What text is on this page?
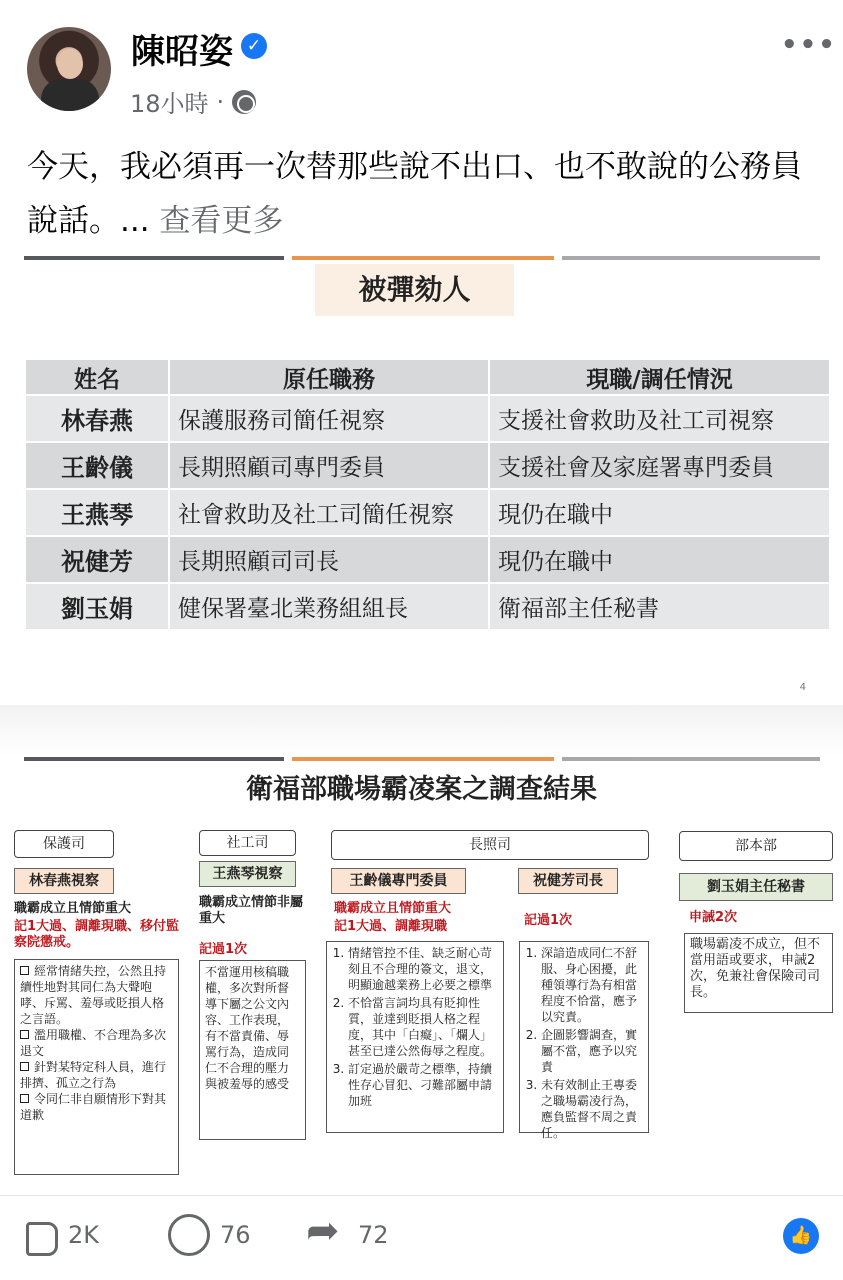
陳昭姿 ✓
18小時 ·
•••
今天，我必須再一次替那些說不出口、也不敢說的公務員說話。... 查看更多
被彈劾人
姓名	原任職務	現職/調任情況
林春燕	保護服務司簡任視察	支援社會救助及社工司視察
王齡儀	長期照顧司專門委員	支援社會及家庭署專門委員
王燕琴	社會救助及社工司簡任視察	現仍在職中
祝健芳	長期照顧司司長	現仍在職中
劉玉娟	健保署臺北業務組組長	衛福部主任秘書
4
衛福部職場霸凌案之調查結果
保護司	社工司	長照司	部本部
林春燕視察	王燕琴視察	王齡儀專門委員	祝健芳司長	劉玉娟主任秘書
職霸成立且情節重大
記1大過、調離現職、移付監察院懲戒。
經常情緒失控，公然且持續性地對其同仁為大聲咆哮、斥罵、羞辱或貶損人格之言語。
濫用職權、不合理為多次退文
針對某特定科人員，進行排擠、孤立之行為
令同仁非自願情形下對其道歉
職霸成立情節非屬重大
記過1次
不當運用核稿職權，多次對所督導下屬之公文內容、工作表現，有不當責備、辱罵行為，造成同仁不合理的壓力與被羞辱的感受
職霸成立且情節重大
記1大過、調離現職
1. 情緒管控不佳、缺乏耐心苛刻且不合理的簽文，退文，明顯逾越業務上必要之標準
2. 不恰當言詞均具有貶抑性質，並達到貶損人格之程度，其中「白癡」、「爛人」甚至已達公然侮辱之程度。
3. 訂定過於嚴苛之標準，持續性存心冒犯、刁難部屬申請加班
記過1次
1. 深諳造成同仁不舒服、身心困擾，此種領導行為有相當程度不恰當，應予以究責。
2. 企圖影響調查，實屬不當，應予以究責
3. 未有效制止王專委之職場霸凌行為，應負監督不周之責任。
申誡2次
職場霸凌不成立，但不當用語或要求，申誡2次，免兼社會保險司司長。
2K	76 ➦	72	👍
